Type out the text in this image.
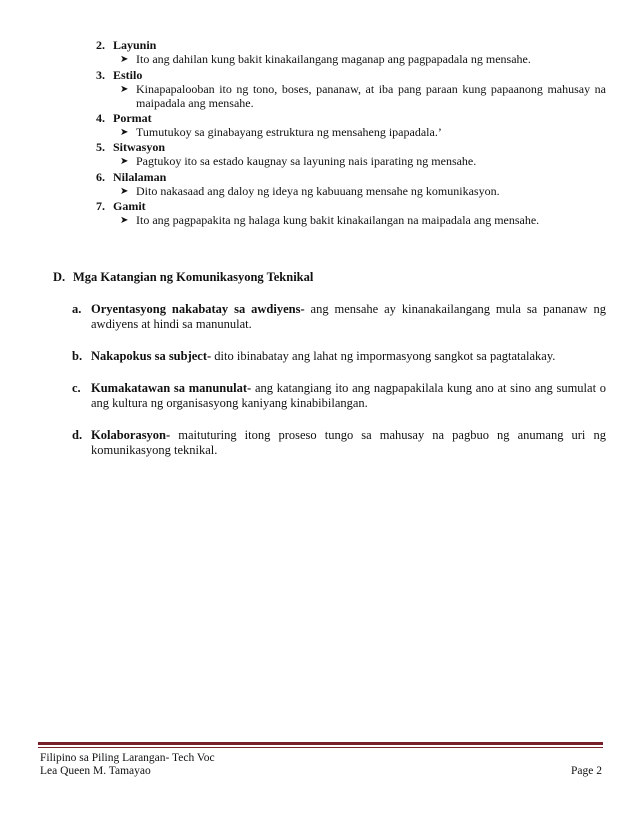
2. Layunin
➤ Ito ang dahilan kung bakit kinakailangang maganap ang pagpapadala ng mensahe.
3. Estilo
➤ Kinapapalooban ito ng tono, boses, pananaw, at iba pang paraan kung papaanong mahusay na maipadala ang mensahe.
4. Pormat
➤ Tumutukoy sa ginabayang estruktura ng mensaheng ipapadala.’
5. Sitwasyon
➤ Pagtukoy ito sa estado kaugnay sa layuning nais iparating ng mensahe.
6. Nilalaman
➤ Dito nakasaad ang daloy ng ideya ng kabuuang mensahe ng komunikasyon.
7. Gamit
➤ Ito ang pagpapakita ng halaga kung bakit kinakailangan na maipadala ang mensahe.
D. Mga Katangian ng Komunikasyong Teknikal
a. Oryentasyong nakabatay sa awdiyens- ang mensahe ay kinanakailangang mula sa pananaw ng awdiyens at hindi sa manunulat.
b. Nakapokus sa subject- dito ibinabatay ang lahat ng impormasyong sangkot sa pagtatalakay.
c. Kumakatawan sa manunulat- ang katangiang ito ang nagpapakilala kung ano at sino ang sumulat o ang kultura ng organisasyong kaniyang kinabibilangan.
d. Kolaborasyon- maituturing itong proseso tungo sa mahusay na pagbuo ng anumang uri ng komunikasyong teknikal.
Filipino sa Piling Larangan- Tech Voc
Lea Queen M. Tamayao	Page 2
